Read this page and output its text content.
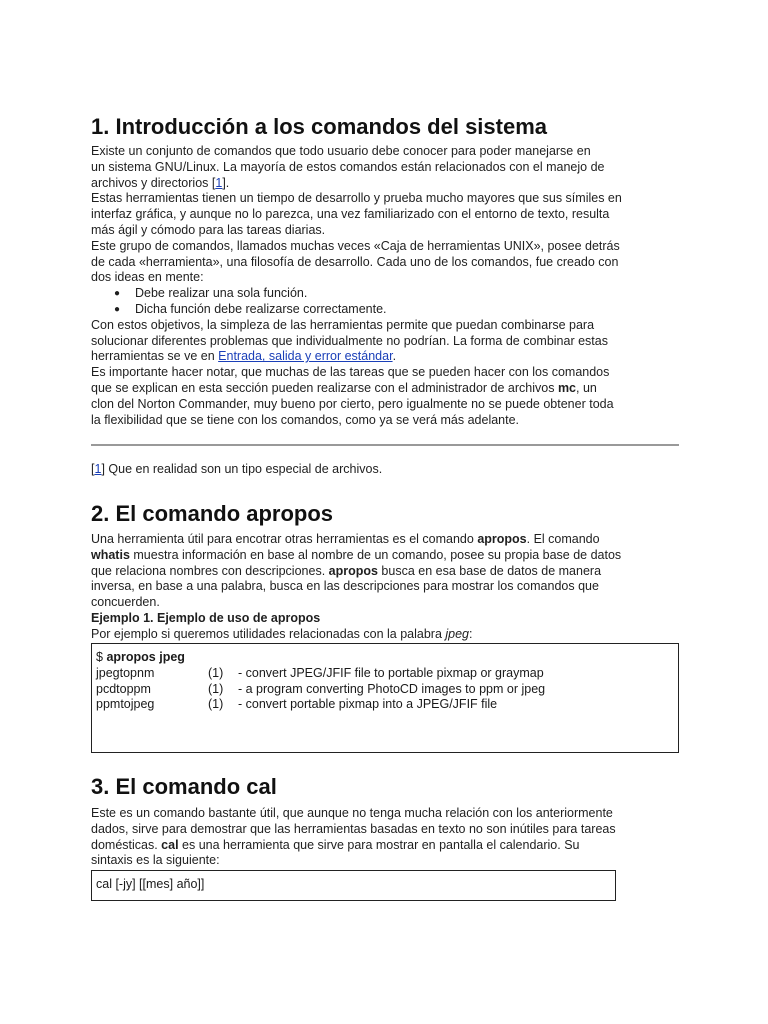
1. Introducción a los comandos del sistema

Existe un conjunto de comandos que todo usuario debe conocer para poder manejarse en

un sistema GNU/Linux. La mayoría de estos comandos están relacionados con el manejo de

archivos y directorios [1].

Estas herramientas tienen un tiempo de desarrollo y prueba mucho mayores que sus símiles en

interfaz gráfica, y aunque no lo parezca, una vez familiarizado con el entorno de texto, resulta

más ágil y cómodo para las tareas diarias.

Este grupo de comandos, llamados muchas veces «Caja de herramientas UNIX», posee detrás

de cada «herramienta», una filosofía de desarrollo. Cada uno de los comandos, fue creado con

dos ideas en mente:

● Debe realizar una sola función.
● Dicha función debe realizarse correctamente.

Con estos objetivos, la simpleza de las herramientas permite que puedan combinarse para

solucionar diferentes problemas que individualmente no podrían. La forma de combinar estas

herramientas se ve en Entrada, salida y error estándar.

Es importante hacer notar, que muchas de las tareas que se pueden hacer con los comandos

que se explican en esta sección pueden realizarse con el administrador de archivos mc, un

clon del Norton Commander, muy bueno por cierto, pero igualmente no se puede obtener toda

la flexibilidad que se tiene con los comandos, como ya se verá más adelante.

[1] Que en realidad son un tipo especial de archivos.

2. El comando apropos

Una herramienta útil para encotrar otras herramientas es el comando apropos. El comando

whatis muestra información en base al nombre de un comando, posee su propia base de datos

que relaciona nombres con descripciones. apropos busca en esa base de datos de manera

inversa, en base a una palabra, busca en las descripciones para mostrar los comandos que

concuerden.

Ejemplo 1. Ejemplo de uso de apropos

Por ejemplo si queremos utilidades relacionadas con la palabra jpeg:

$ apropos jpeg
jpegtopnm	(1)	- convert JPEG/JFIF file to portable pixmap or graymap
pcdtoppm	(1)	- a program converting PhotoCD images to ppm or jpeg
ppmtojpeg	(1)	- convert portable pixmap into a JPEG/JFIF file
3. El comando cal

Este es un comando bastante útil, que aunque no tenga mucha relación con los anteriormente

dados, sirve para demostrar que las herramientas basadas en texto no son inútiles para tareas

domésticas. cal es una herramienta que sirve para mostrar en pantalla el calendario. Su

sintaxis es la siguiente:

cal [-jy] [[mes] año]]
